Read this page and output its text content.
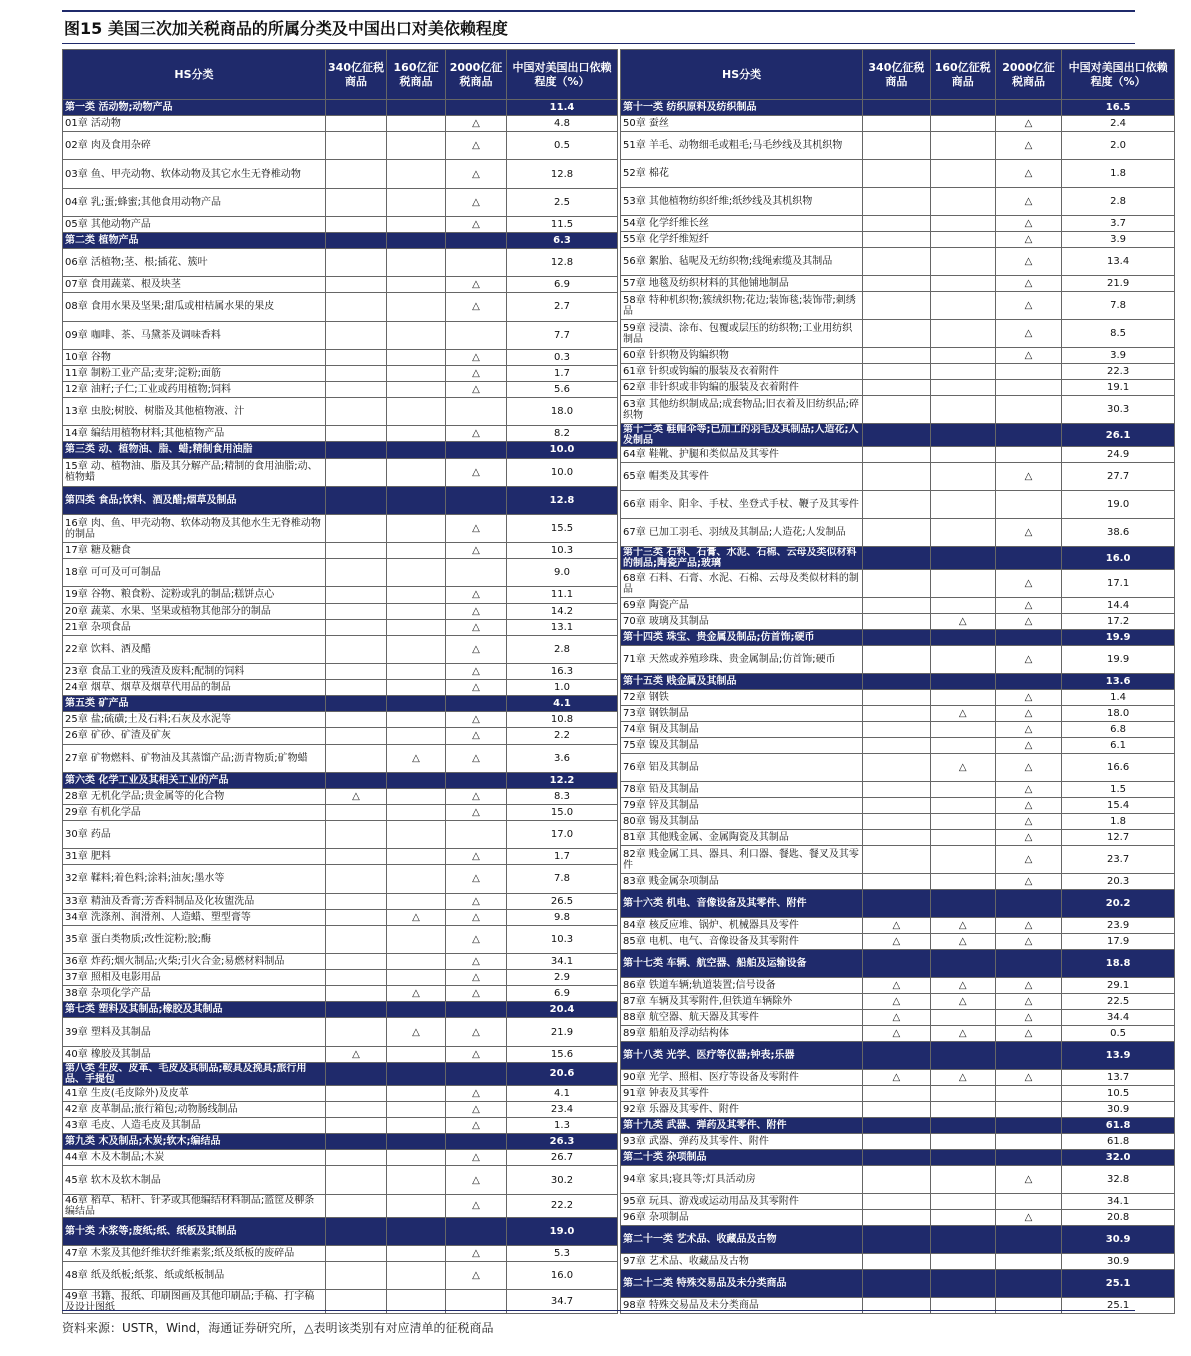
图15 美国三次加关税商品的所属分类及中国出口对美依赖程度
HS分类	340亿征税商品	160亿征税商品	2000亿征税商品	中国对美国出口依赖程度（%）
第一类 活动物;动物产品				11.4
01章 活动物			△	4.8
02章 肉及食用杂碎			△	0.5
03章 鱼、甲壳动物、软体动物及其它水生无脊椎动物			△	12.8
04章 乳;蛋;蜂蜜;其他食用动物产品			△	2.5
05章 其他动物产品			△	11.5
第二类 植物产品				6.3
06章 活植物;茎、根;插花、簇叶				12.8
07章 食用蔬菜、根及块茎			△	6.9
08章 食用水果及坚果;甜瓜或柑桔属水果的果皮			△	2.7
09章 咖啡、茶、马黛茶及调味香料				7.7
10章 谷物			△	0.3
11章 制粉工业产品;麦芽;淀粉;面筋			△	1.7
12章 油籽;子仁;工业或药用植物;饲料			△	5.6
13章 虫胶;树胶、树脂及其他植物液、汁				18.0
14章 编结用植物材料;其他植物产品			△	8.2
第三类 动、植物油、脂、蜡;精制食用油脂				10.0
15章 动、植物油、脂及其分解产品;精制的食用油脂;动、植物蜡			△	10.0
第四类 食品;饮料、酒及醋;烟草及制品				12.8
16章 肉、鱼、甲壳动物、软体动物及其他水生无脊椎动物的制品			△	15.5
17章 糖及糖食			△	10.3
18章 可可及可可制品				9.0
19章 谷物、粮食粉、淀粉或乳的制品;糕饼点心			△	11.1
20章 蔬菜、水果、坚果或植物其他部分的制品			△	14.2
21章 杂项食品			△	13.1
22章 饮料、酒及醋			△	2.8
23章 食品工业的残渣及废料;配制的饲料			△	16.3
24章 烟草、烟草及烟草代用品的制品			△	1.0
第五类 矿产品				4.1
25章 盐;硫磺;土及石料;石灰及水泥等			△	10.8
26章 矿砂、矿渣及矿灰			△	2.2
27章 矿物燃料、矿物油及其蒸馏产品;沥青物质;矿物蜡		△	△	3.6
第六类 化学工业及其相关工业的产品				12.2
28章 无机化学品;贵金属等的化合物	△		△	8.3
29章 有机化学品			△	15.0
30章 药品				17.0
31章 肥料			△	1.7
32章 鞣料;着色料;涂料;油灰;墨水等			△	7.8
33章 精油及香膏;芳香料制品及化妆盥洗品			△	26.5
34章 洗涤剂、润滑剂、人造蜡、塑型膏等		△	△	9.8
35章 蛋白类物质;改性淀粉;胶;酶			△	10.3
36章 炸药;烟火制品;火柴;引火合金;易燃材料制品			△	34.1
37章 照相及电影用品			△	2.9
38章 杂项化学产品		△	△	6.9
第七类 塑料及其制品;橡胶及其制品				20.4
39章 塑料及其制品		△	△	21.9
40章 橡胶及其制品	△		△	15.6
第八类 生皮、皮革、毛皮及其制品;鞍具及挽具;旅行用品、手提包				20.6
41章 生皮(毛皮除外)及皮革			△	4.1
42章 皮革制品;旅行箱包;动物肠线制品			△	23.4
43章 毛皮、人造毛皮及其制品			△	1.3
第九类 木及制品;木炭;软木;编结品				26.3
44章 木及木制品;木炭			△	26.7
45章 软木及软木制品			△	30.2
46章 稻草、秸秆、针茅或其他编结材料制品;篮筐及柳条编结品			△	22.2
第十类 木浆等;废纸;纸、纸板及其制品				19.0
47章 木浆及其他纤维状纤维素浆;纸及纸板的废碎品			△	5.3
48章 纸及纸板;纸浆、纸或纸板制品			△	16.0
49章 书籍、报纸、印刷图画及其他印刷品;手稿、打字稿及设计图纸				34.7
HS分类	340亿征税商品	160亿征税商品	2000亿征税商品	中国对美国出口依赖程度（%）
第十一类 纺织原料及纺织制品				16.5
50章 蚕丝			△	2.4
51章 羊毛、动物细毛或粗毛;马毛纱线及其机织物			△	2.0
52章 棉花			△	1.8
53章 其他植物纺织纤维;纸纱线及其机织物			△	2.8
54章 化学纤维长丝			△	3.7
55章 化学纤维短纤			△	3.9
56章 絮胎、毡呢及无纺织物;线绳索缆及其制品			△	13.4
57章 地毯及纺织材料的其他铺地制品			△	21.9
58章 特种机织物;簇绒织物;花边;装饰毯;装饰带;刺绣品			△	7.8
59章 浸渍、涂布、包覆或层压的纺织物;工业用纺织制品			△	8.5
60章 针织物及钩编织物			△	3.9
61章 针织或钩编的服装及衣着附件				22.3
62章 非针织或非钩编的服装及衣着附件				19.1
63章 其他纺织制成品;成套物品;旧衣着及旧纺织品;碎织物				30.3
第十二类 鞋帽伞等;已加工的羽毛及其制品;人造花;人发制品				26.1
64章 鞋靴、护腿和类似品及其零件				24.9
65章 帽类及其零件			△	27.7
66章 雨伞、阳伞、手杖、坐登式手杖、鞭子及其零件				19.0
67章 已加工羽毛、羽绒及其制品;人造花;人发制品			△	38.6
第十三类 石料、石膏、水泥、石棉、云母及类似材料的制品;陶瓷产品;玻璃				16.0
68章 石料、石膏、水泥、石棉、云母及类似材料的制品			△	17.1
69章 陶瓷产品			△	14.4
70章 玻璃及其制品		△	△	17.2
第十四类 珠宝、贵金属及制品;仿首饰;硬币				19.9
71章 天然或养殖珍珠、贵金属制品;仿首饰;硬币			△	19.9
第十五类 贱金属及其制品				13.6
72章 钢铁			△	1.4
73章 钢铁制品		△	△	18.0
74章 铜及其制品			△	6.8
75章 镍及其制品			△	6.1
76章 铝及其制品		△	△	16.6
78章 铅及其制品			△	1.5
79章 锌及其制品			△	15.4
80章 锡及其制品			△	1.8
81章 其他贱金属、金属陶瓷及其制品			△	12.7
82章 贱金属工具、器具、利口器、餐匙、餐叉及其零件			△	23.7
83章 贱金属杂项制品			△	20.3
第十六类 机电、音像设备及其零件、附件				20.2
84章 核反应堆、锅炉、机械器具及零件	△	△	△	23.9
85章 电机、电气、音像设备及其零附件	△	△	△	17.9
第十七类 车辆、航空器、船舶及运输设备				18.8
86章 铁道车辆;轨道装置;信号设备	△	△	△	29.1
87章 车辆及其零附件,但铁道车辆除外	△	△	△	22.5
88章 航空器、航天器及其零件	△		△	34.4
89章 船舶及浮动结构体	△	△	△	0.5
第十八类 光学、医疗等仪器;钟表;乐器				13.9
90章 光学、照相、医疗等设备及零附件	△	△	△	13.7
91章 钟表及其零件				10.5
92章 乐器及其零件、附件				30.9
第十九类 武器、弹药及其零件、附件				61.8
93章 武器、弹药及其零件、附件				61.8
第二十类 杂项制品				32.0
94章 家具;寝具等;灯具活动房			△	32.8
95章 玩具、游戏或运动用品及其零附件				34.1
96章 杂项制品			△	20.8
第二十一类 艺术品、收藏品及古物				30.9
97章 艺术品、收藏品及古物				30.9
第二十二类 特殊交易品及未分类商品				25.1
98章 特殊交易品及未分类商品				25.1
资料来源：USTR，Wind，海通证券研究所，△表明该类别有对应清单的征税商品
